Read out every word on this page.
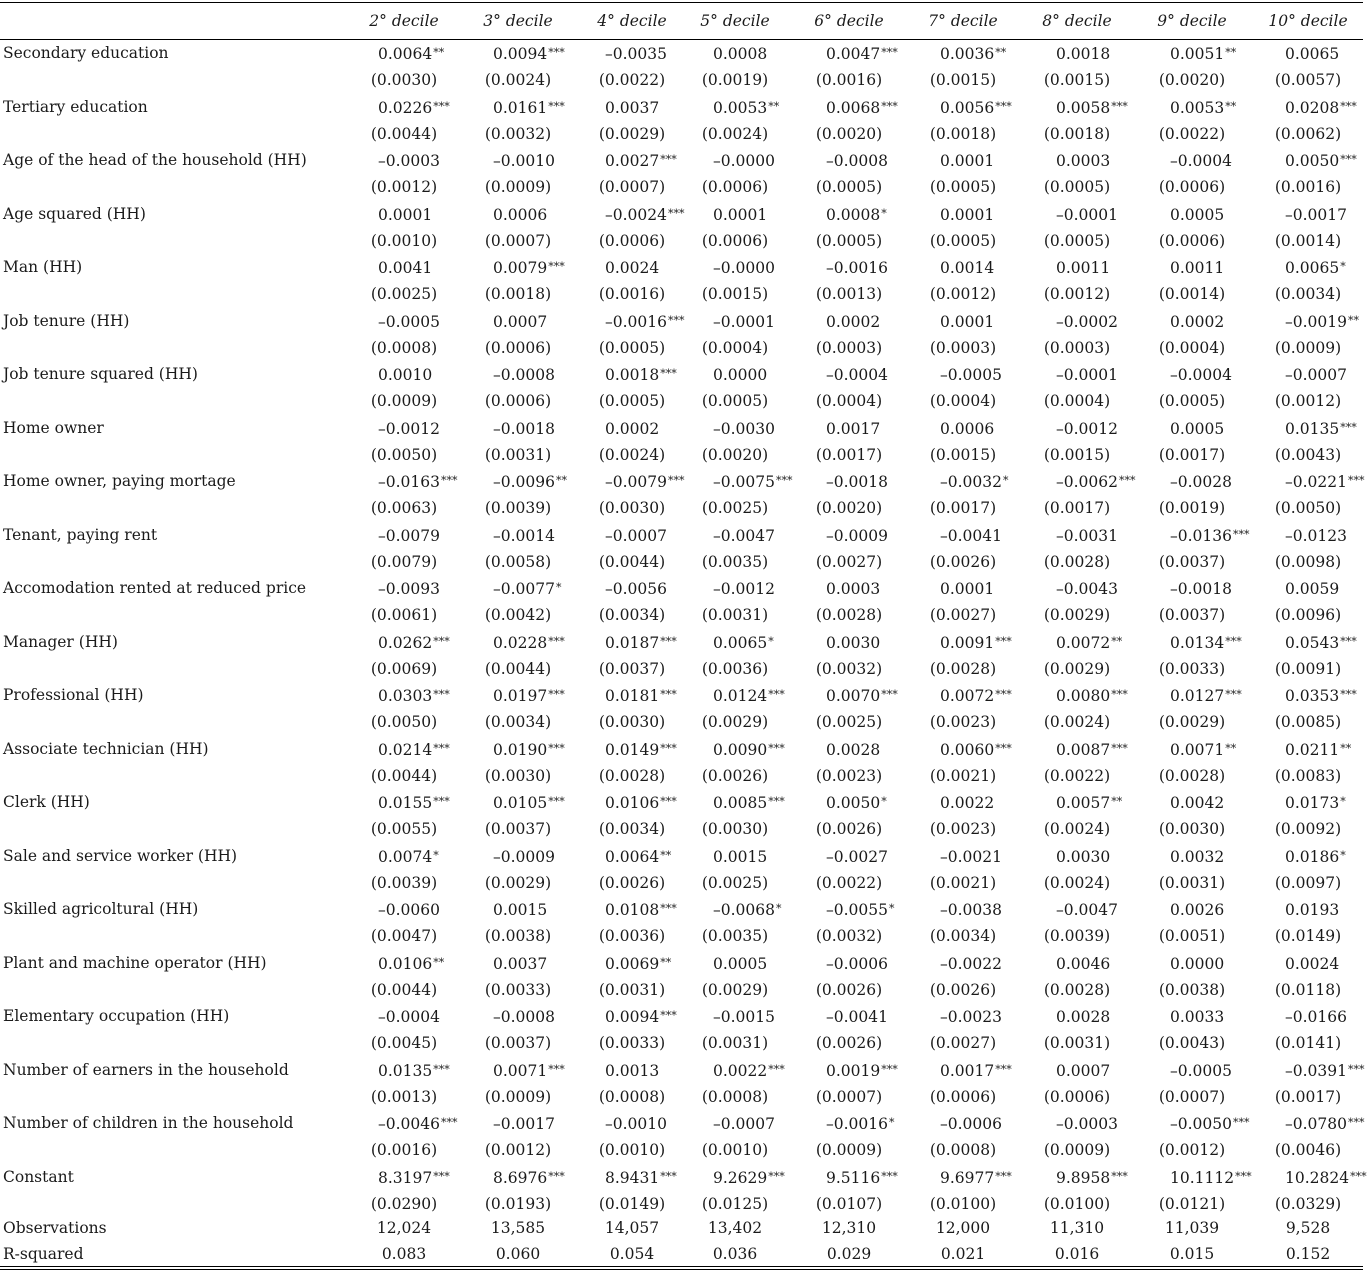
2° decile	3° decile	4° decile 5° decile	6° decile	7° decile	8° decile	9° decile	10° decile
Secondary education	0.0064**	0.0094***	–0.0035	0.0008	0.0047***	0.0036**	0.0018	0.0051**	0.0065
(0.0030)	(0.0024)	(0.0022) (0.0019)	(0.0016)	(0.0015)	(0.0015)	(0.0020)	(0.0057)
Tertiary education	0.0226***	0.0161***	0.0037	0.0053**	0.0068***	0.0056***	0.0058***	0.0053**	0.0208***
(0.0044)	(0.0032)	(0.0029) (0.0024)	(0.0020)	(0.0018)	(0.0018)	(0.0022)	(0.0062)
Age of the head of the household (HH)	–0.0003	–0.0010	0.0027*** –0.0000	–0.0008	0.0001	0.0003	–0.0004	0.0050***
(0.0012)	(0.0009)	(0.0007) (0.0006)	(0.0005)	(0.0005)	(0.0005)	(0.0006)	(0.0016)
Age squared (HH)	0.0001	0.0006	–0.0024*** 0.0001	0.0008*	0.0001	–0.0001	0.0005	–0.0017
(0.0010)	(0.0007)	(0.0006) (0.0006)	(0.0005)	(0.0005)	(0.0005)	(0.0006)	(0.0014)
Man (HH)	0.0041	0.0079***	0.0024	–0.0000	–0.0016	0.0014	0.0011	0.0011	0.0065*
(0.0025)	(0.0018)	(0.0016) (0.0015)	(0.0013)	(0.0012)	(0.0012)	(0.0014)	(0.0034)
Job tenure (HH)	–0.0005	0.0007	–0.0016*** –0.0001	0.0002	0.0001	–0.0002	0.0002	–0.0019**
(0.0008)	(0.0006)	(0.0005) (0.0004)	(0.0003)	(0.0003)	(0.0003)	(0.0004)	(0.0009)
Job tenure squared (HH)	0.0010	–0.0008	0.0018*** 0.0000	–0.0004	–0.0005	–0.0001	–0.0004	–0.0007
(0.0009)	(0.0006)	(0.0005) (0.0005)	(0.0004)	(0.0004)	(0.0004)	(0.0005)	(0.0012)
Home owner	–0.0012	–0.0018	0.0002	–0.0030	0.0017	0.0006	–0.0012	0.0005	0.0135***
(0.0050)	(0.0031)	(0.0024) (0.0020)	(0.0017)	(0.0015)	(0.0015)	(0.0017)	(0.0043)
Home owner, paying mortage	–0.0163*** –0.0096** –0.0079*** –0.0075*** –0.0018	–0.0032*	–0.0062*** –0.0028	–0.0221***
(0.0063)	(0.0039)	(0.0030) (0.0025)	(0.0020)	(0.0017)	(0.0017)	(0.0019)	(0.0050)
Tenant, paying rent	–0.0079	–0.0014	–0.0007	–0.0047	–0.0009	–0.0041	–0.0031	–0.0136*** –0.0123
(0.0079)	(0.0058)	(0.0044) (0.0035)	(0.0027)	(0.0026)	(0.0028)	(0.0037)	(0.0098)
Accomodation rented at reduced price	–0.0093	–0.0077*	–0.0056	–0.0012	0.0003	0.0001	–0.0043	–0.0018	0.0059
(0.0061)	(0.0042)	(0.0034) (0.0031)	(0.0028)	(0.0027)	(0.0029)	(0.0037)	(0.0096)
Manager (HH)	0.0262***	0.0228***	0.0187*** 0.0065*	0.0030	0.0091***	0.0072**	0.0134***	0.0543***
(0.0069)	(0.0044)	(0.0037) (0.0036)	(0.0032)	(0.0028)	(0.0029)	(0.0033)	(0.0091)
Professional (HH)	0.0303***	0.0197***	0.0181*** 0.0124***	0.0070***	0.0072***	0.0080***	0.0127***	0.0353***
(0.0050)	(0.0034)	(0.0030) (0.0029)	(0.0025)	(0.0023)	(0.0024)	(0.0029)	(0.0085)
Associate technician (HH)	0.0214***	0.0190***	0.0149*** 0.0090***	0.0028	0.0060***	0.0087***	0.0071**	0.0211**
(0.0044)	(0.0030)	(0.0028) (0.0026)	(0.0023)	(0.0021)	(0.0022)	(0.0028)	(0.0083)
Clerk (HH)	0.0155***	0.0105***	0.0106*** 0.0085***	0.0050*	0.0022	0.0057**	0.0042	0.0173*
(0.0055)	(0.0037)	(0.0034) (0.0030)	(0.0026)	(0.0023)	(0.0024)	(0.0030)	(0.0092)
Sale and service worker (HH)	0.0074*	–0.0009	0.0064**	0.0015	–0.0027	–0.0021	0.0030	0.0032	0.0186*
(0.0039)	(0.0029)	(0.0026) (0.0025)	(0.0022)	(0.0021)	(0.0024)	(0.0031)	(0.0097)
Skilled agricoltural (HH)	–0.0060	0.0015	0.0108*** –0.0068*	–0.0055*	–0.0038	–0.0047	0.0026	0.0193
(0.0047)	(0.0038)	(0.0036) (0.0035)	(0.0032)	(0.0034)	(0.0039)	(0.0051)	(0.0149)
Plant and machine operator (HH)	0.0106**	0.0037	0.0069**	0.0005	–0.0006	–0.0022	0.0046	0.0000	0.0024
(0.0044)	(0.0033)	(0.0031) (0.0029)	(0.0026)	(0.0026)	(0.0028)	(0.0038)	(0.0118)
Elementary occupation (HH)	–0.0004	–0.0008	0.0094*** –0.0015	–0.0041	–0.0023	0.0028	0.0033	–0.0166
(0.0045)	(0.0037)	(0.0033) (0.0031)	(0.0026)	(0.0027)	(0.0031)	(0.0043)	(0.0141)
Number of earners in the household	0.0135***	0.0071***	0.0013	0.0022***	0.0019***	0.0017***	0.0007	–0.0005	–0.0391***
(0.0013)	(0.0009)	(0.0008) (0.0008)	(0.0007)	(0.0006)	(0.0006)	(0.0007)	(0.0017)
Number of children in the household	–0.0046*** –0.0017	–0.0010	–0.0007	–0.0016*	–0.0006	–0.0003	–0.0050*** –0.0780***
(0.0016)	(0.0012)	(0.0010) (0.0010)	(0.0009)	(0.0008)	(0.0009)	(0.0012)	(0.0046)
Constant	8.3197***	8.6976***	8.9431*** 9.2629***	9.5116***	9.6977***	9.8958***	10.1112*** 10.2824***
(0.0290)	(0.0193)	(0.0149) (0.0125)	(0.0107)	(0.0100)	(0.0100)	(0.0121)	(0.0329)
Observations	12,024	13,585	14,057	13,402	12,310	12,000	11,310	11,039	9,528
R-squared	0.083	0.060	0.054	0.036	0.029	0.021	0.016	0.015	0.152
